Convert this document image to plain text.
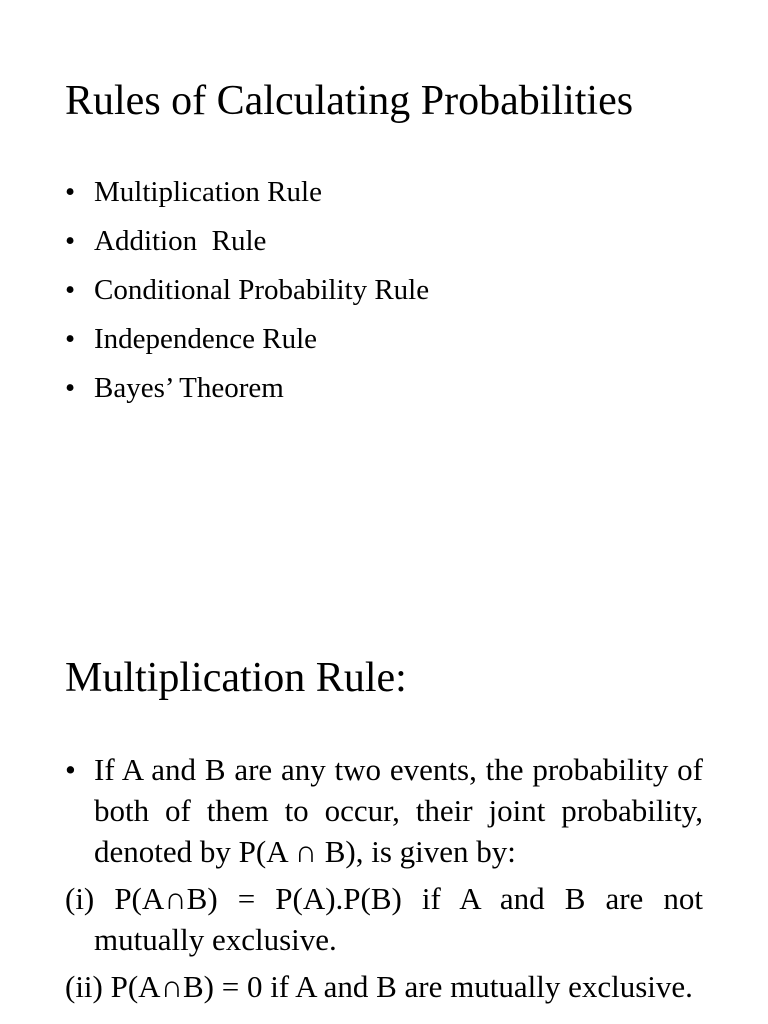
Rules of Calculating Probabilities
• Multiplication Rule
• Addition  Rule
• Conditional Probability Rule
• Independence Rule
• Bayes’ Theorem
Multiplication Rule:

• If A and B are any two events, the probability of both of them to occur, their joint probability, denoted by P(A ∩ B), is given by:

(i) P(A∩B) = P(A).P(B) if A and B are not mutually exclusive.

(ii) P(A∩B) = 0 if A and B are mutually exclusive.
